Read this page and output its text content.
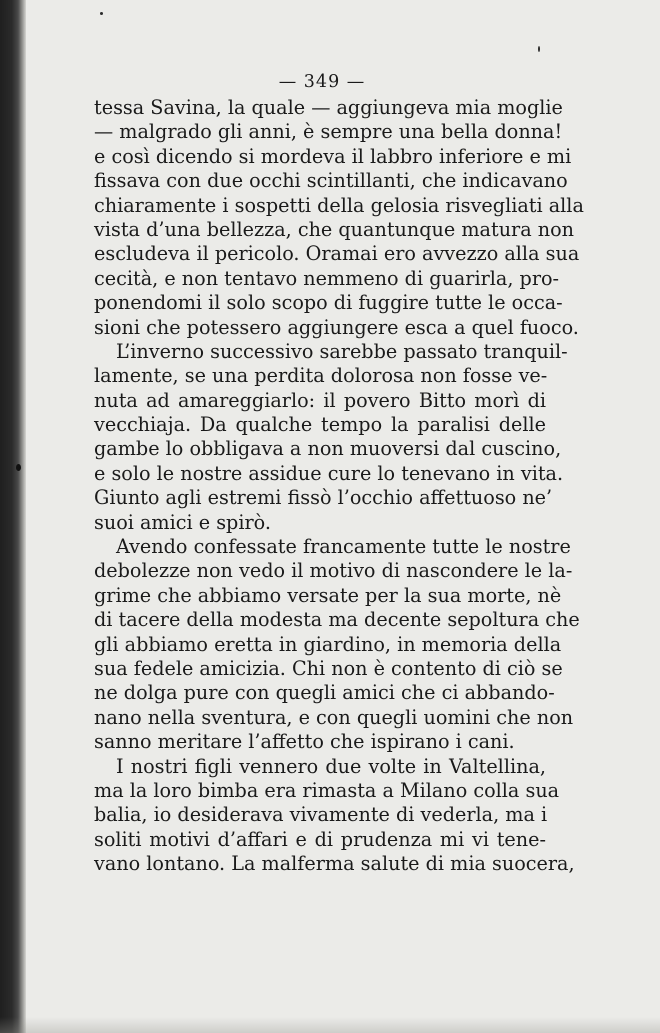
— 349 —
tessa Savina, la quale — aggiungeva mia moglie
— malgrado gli anni, è sempre una bella donna!
e così dicendo si mordeva il labbro inferiore e mi
fissava con due occhi scintillanti, che indicavano
chiaramente i sospetti della gelosia risvegliati alla
vista d’una bellezza, che quantunque matura non
escludeva il pericolo. Oramai ero avvezzo alla sua
cecità, e non tentavo nemmeno di guarirla, pro-
ponendomi il solo scopo di fuggire tutte le occa-
sioni che potessero aggiungere esca a quel fuoco.
L’inverno successivo sarebbe passato tranquil-
lamente, se una perdita dolorosa non fosse ve-
nuta ad amareggiarlo: il povero Bitto morì di
vecchiaja. Da qualche tempo la paralisi delle
gambe lo obbligava a non muoversi dal cuscino,
e solo le nostre assidue cure lo tenevano in vita.
Giunto agli estremi fissò l’occhio affettuoso ne’
suoi amici e spirò.
Avendo confessate francamente tutte le nostre
debolezze non vedo il motivo di nascondere le la-
grime che abbiamo versate per la sua morte, nè
di tacere della modesta ma decente sepoltura che
gli abbiamo eretta in giardino, in memoria della
sua fedele amicizia. Chi non è contento di ciò se
ne dolga pure con quegli amici che ci abbando-
nano nella sventura, e con quegli uomini che non
sanno meritare l’affetto che ispirano i cani.
I nostri figli vennero due volte in Valtellina,
ma la loro bimba era rimasta a Milano colla sua
balia, io desiderava vivamente di vederla, ma i
soliti motivi d’affari e di prudenza mi vi tene-
vano lontano. La malferma salute di mia suocera,
